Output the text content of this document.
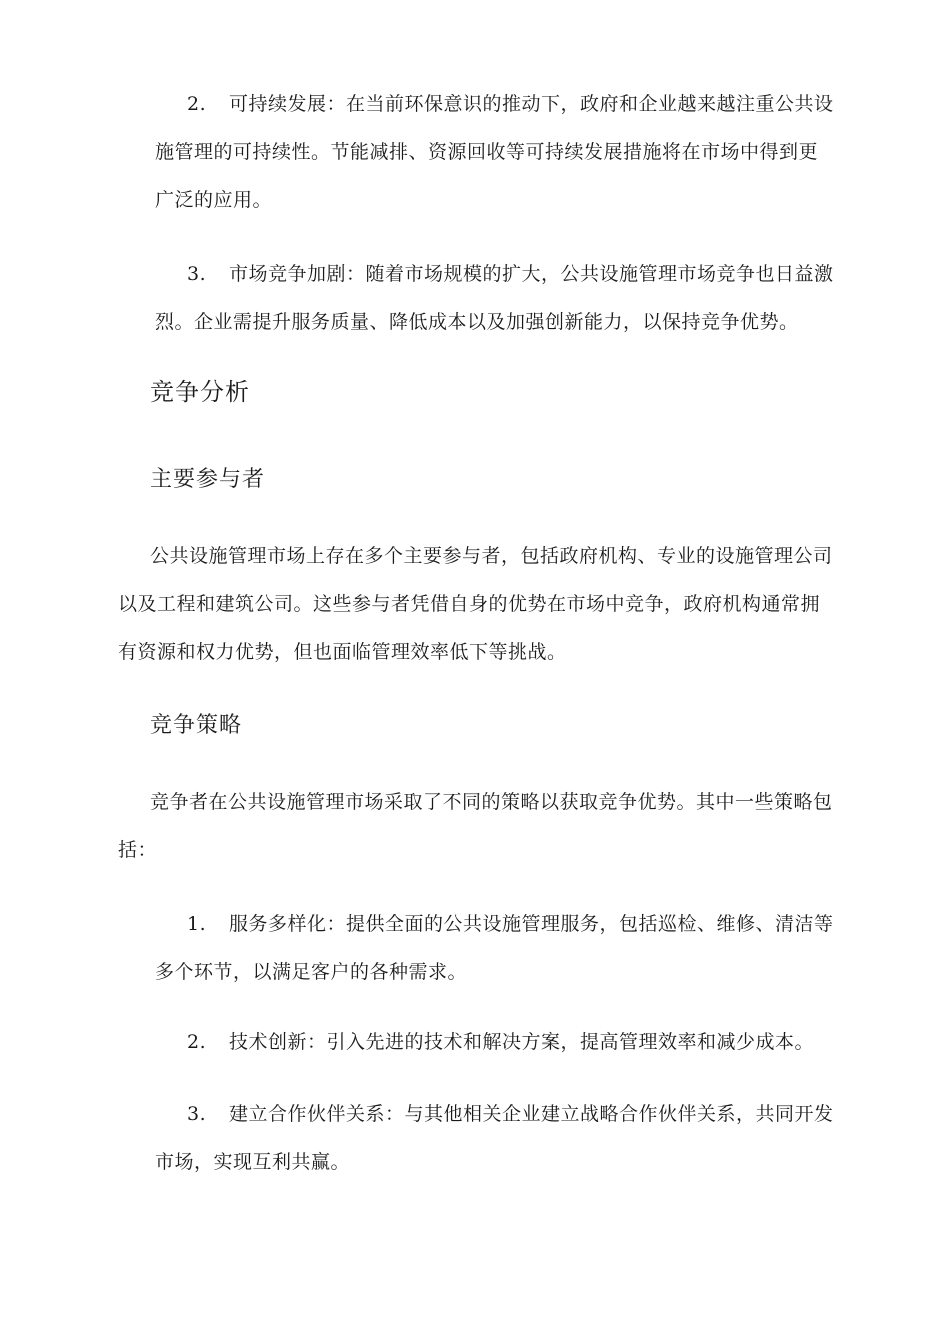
2. 可持续发展：在当前环保意识的推动下，政府和企业越来越注重公共设施管理的可持续性。节能减排、资源回收等可持续发展措施将在市场中得到更广泛的应用。
3. 市场竞争加剧：随着市场规模的扩大，公共设施管理市场竞争也日益激烈。企业需提升服务质量、降低成本以及加强创新能力，以保持竞争优势。
竞争分析
主要参与者
公共设施管理市场上存在多个主要参与者，包括政府机构、专业的设施管理公司以及工程和建筑公司。这些参与者凭借自身的优势在市场中竞争，政府机构通常拥有资源和权力优势，但也面临管理效率低下等挑战。
竞争策略
竞争者在公共设施管理市场采取了不同的策略以获取竞争优势。其中一些策略包括：
1. 服务多样化：提供全面的公共设施管理服务，包括巡检、维修、清洁等多个环节，以满足客户的各种需求。
2. 技术创新：引入先进的技术和解决方案，提高管理效率和减少成本。
3. 建立合作伙伴关系：与其他相关企业建立战略合作伙伴关系，共同开发市场，实现互利共赢。
